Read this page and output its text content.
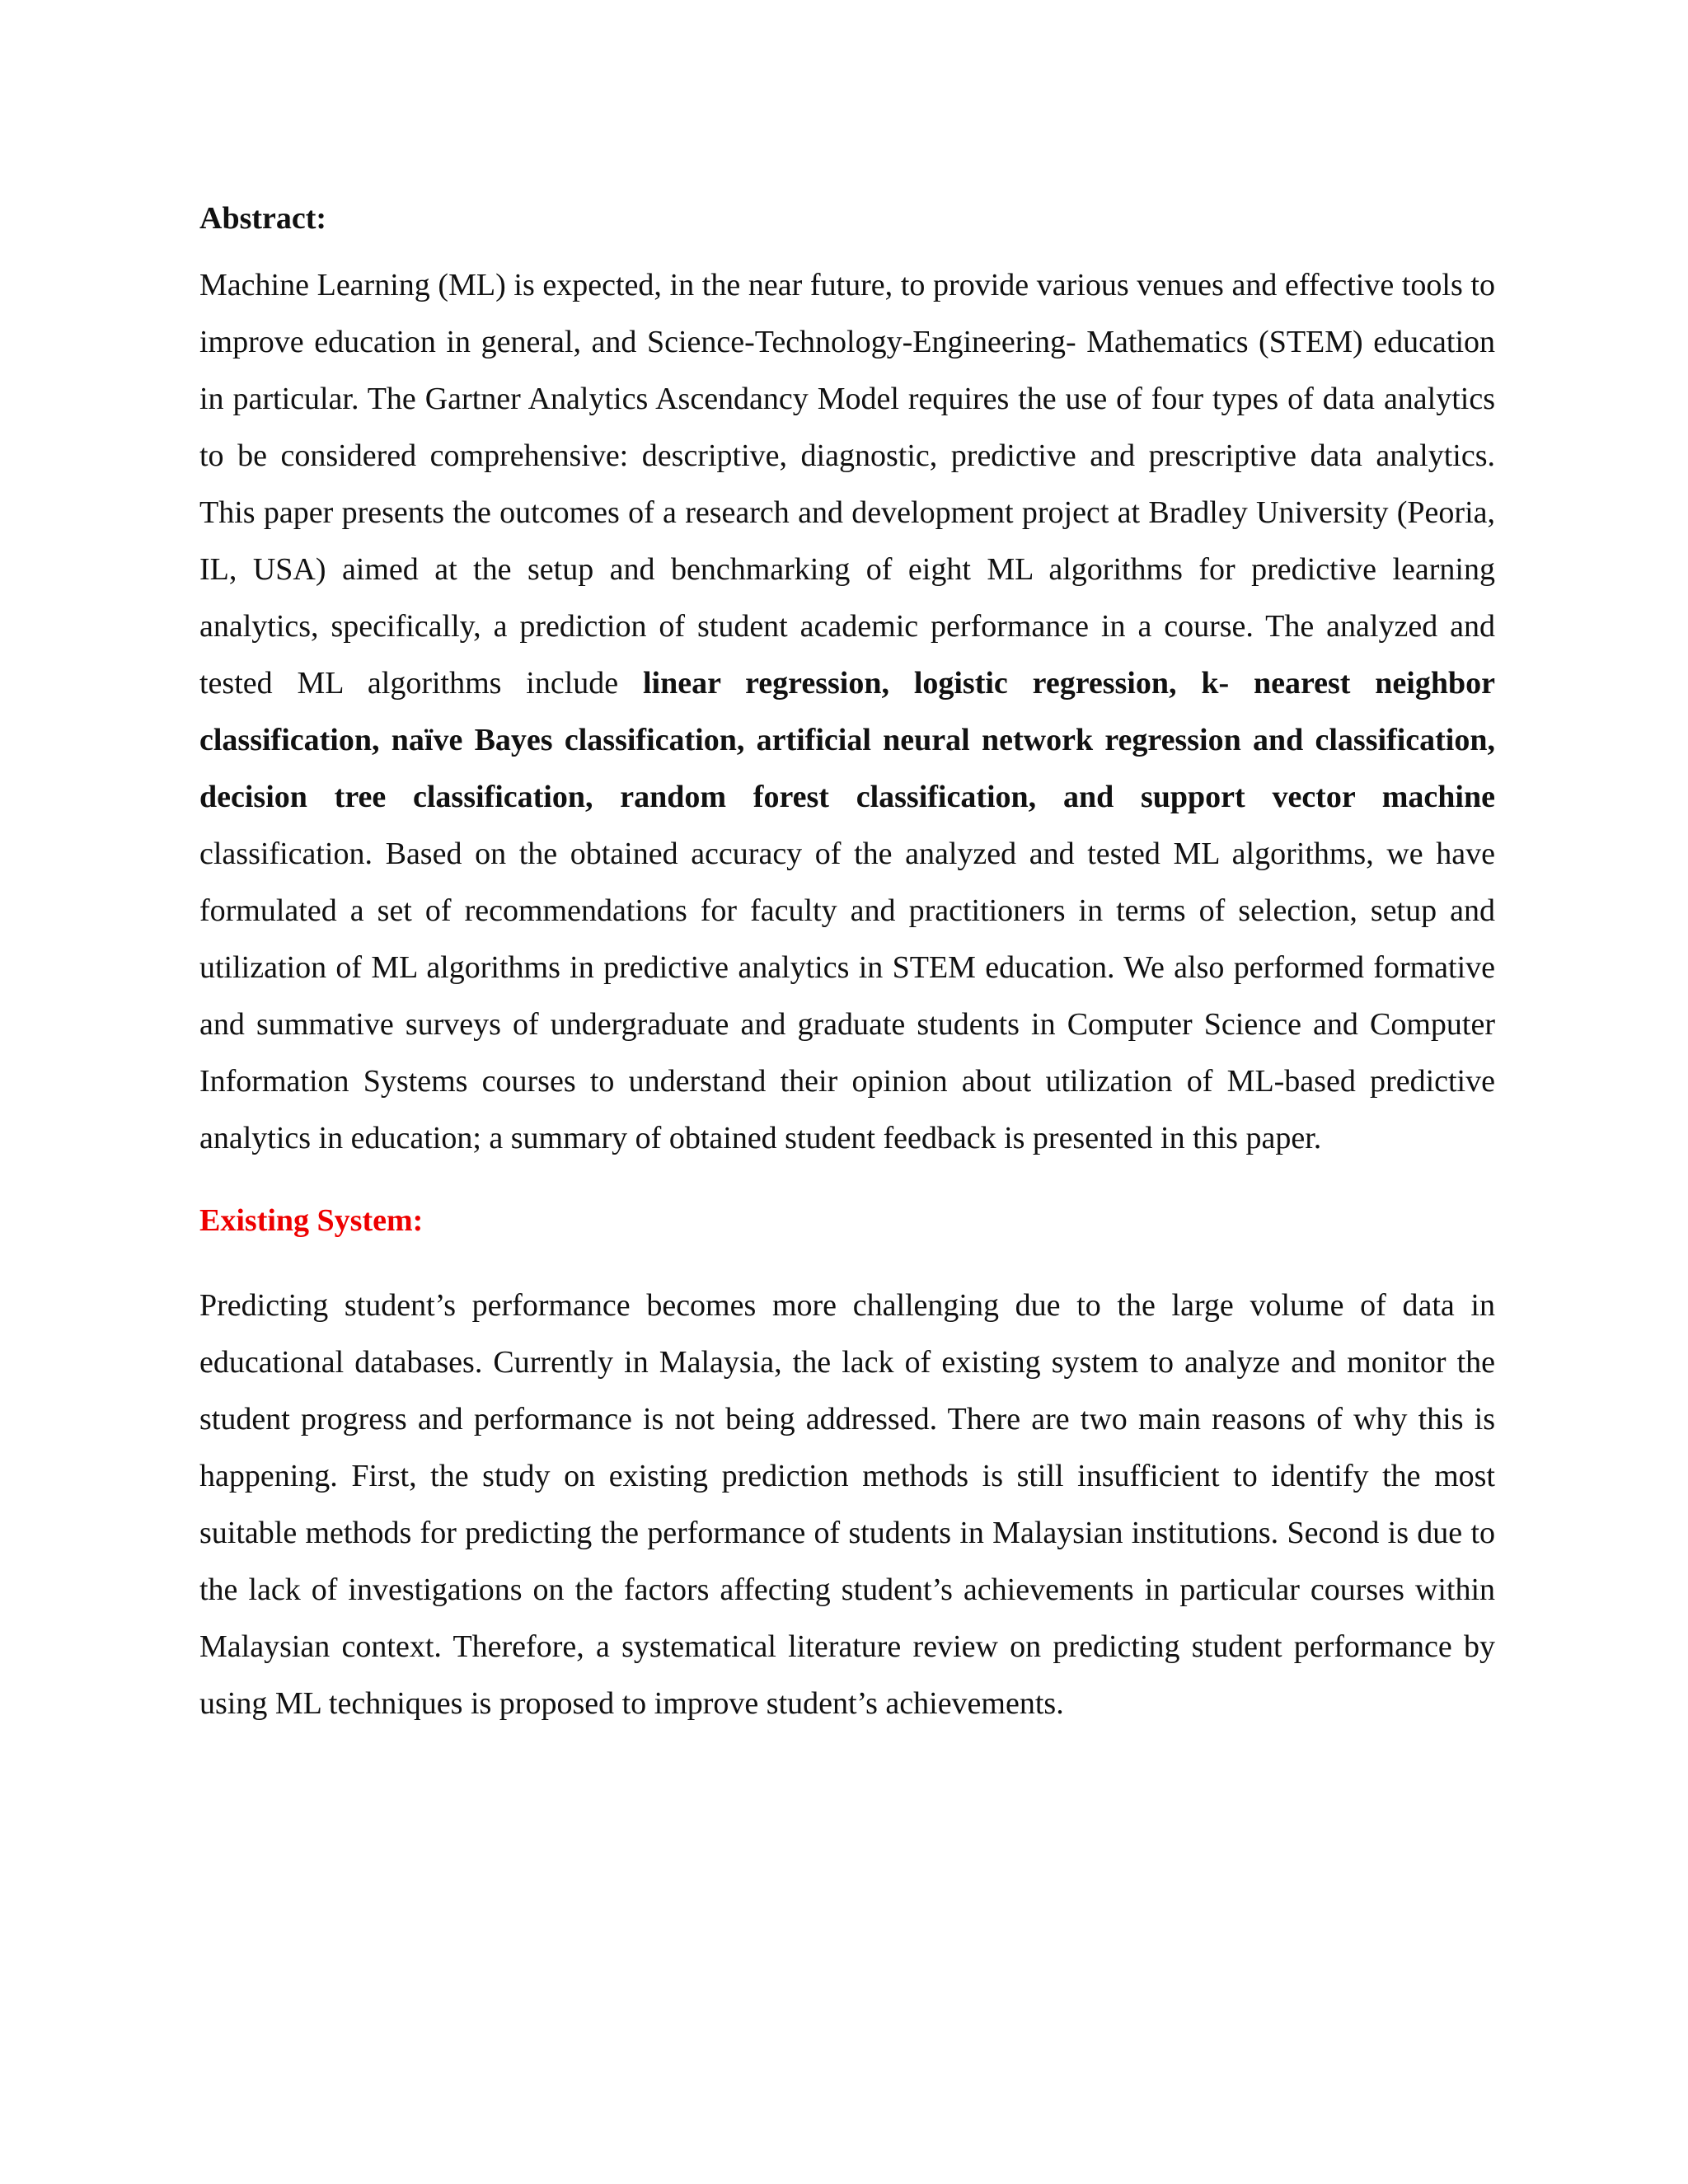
Abstract:

Machine Learning (ML) is expected, in the near future, to provide various venues and effective tools to improve education in general, and Science-Technology-Engineering- Mathematics (STEM) education in particular. The Gartner Analytics Ascendancy Model requires the use of four types of data analytics to be considered comprehensive: descriptive, diagnostic, predictive and prescriptive data analytics. This paper presents the outcomes of a research and development project at Bradley University (Peoria, IL, USA) aimed at the setup and benchmarking of eight ML algorithms for predictive learning analytics, specifically, a prediction of student academic performance in a course. The analyzed and tested ML algorithms include linear regression, logistic regression, k- nearest neighbor classification, naïve Bayes classification, artificial neural network regression and classification, decision tree classification, random forest classification, and support vector machine classification. Based on the obtained accuracy of the analyzed and tested ML algorithms, we have formulated a set of recommendations for faculty and practitioners in terms of selection, setup and utilization of ML algorithms in predictive analytics in STEM education. We also performed formative and summative surveys of undergraduate and graduate students in Computer Science and Computer Information Systems courses to understand their opinion about utilization of ML-based predictive analytics in education; a summary of obtained student feedback is presented in this paper.

Existing System:

Predicting student’s performance becomes more challenging due to the large volume of data in educational databases. Currently in Malaysia, the lack of existing system to analyze and monitor the student progress and performance is not being addressed. There are two main reasons of why this is happening. First, the study on existing prediction methods is still insufficient to identify the most suitable methods for predicting the performance of students in Malaysian institutions. Second is due to the lack of investigations on the factors affecting student’s achievements in particular courses within Malaysian context. Therefore, a systematical literature review on predicting student performance by using ML techniques is proposed to improve student’s achievements.
